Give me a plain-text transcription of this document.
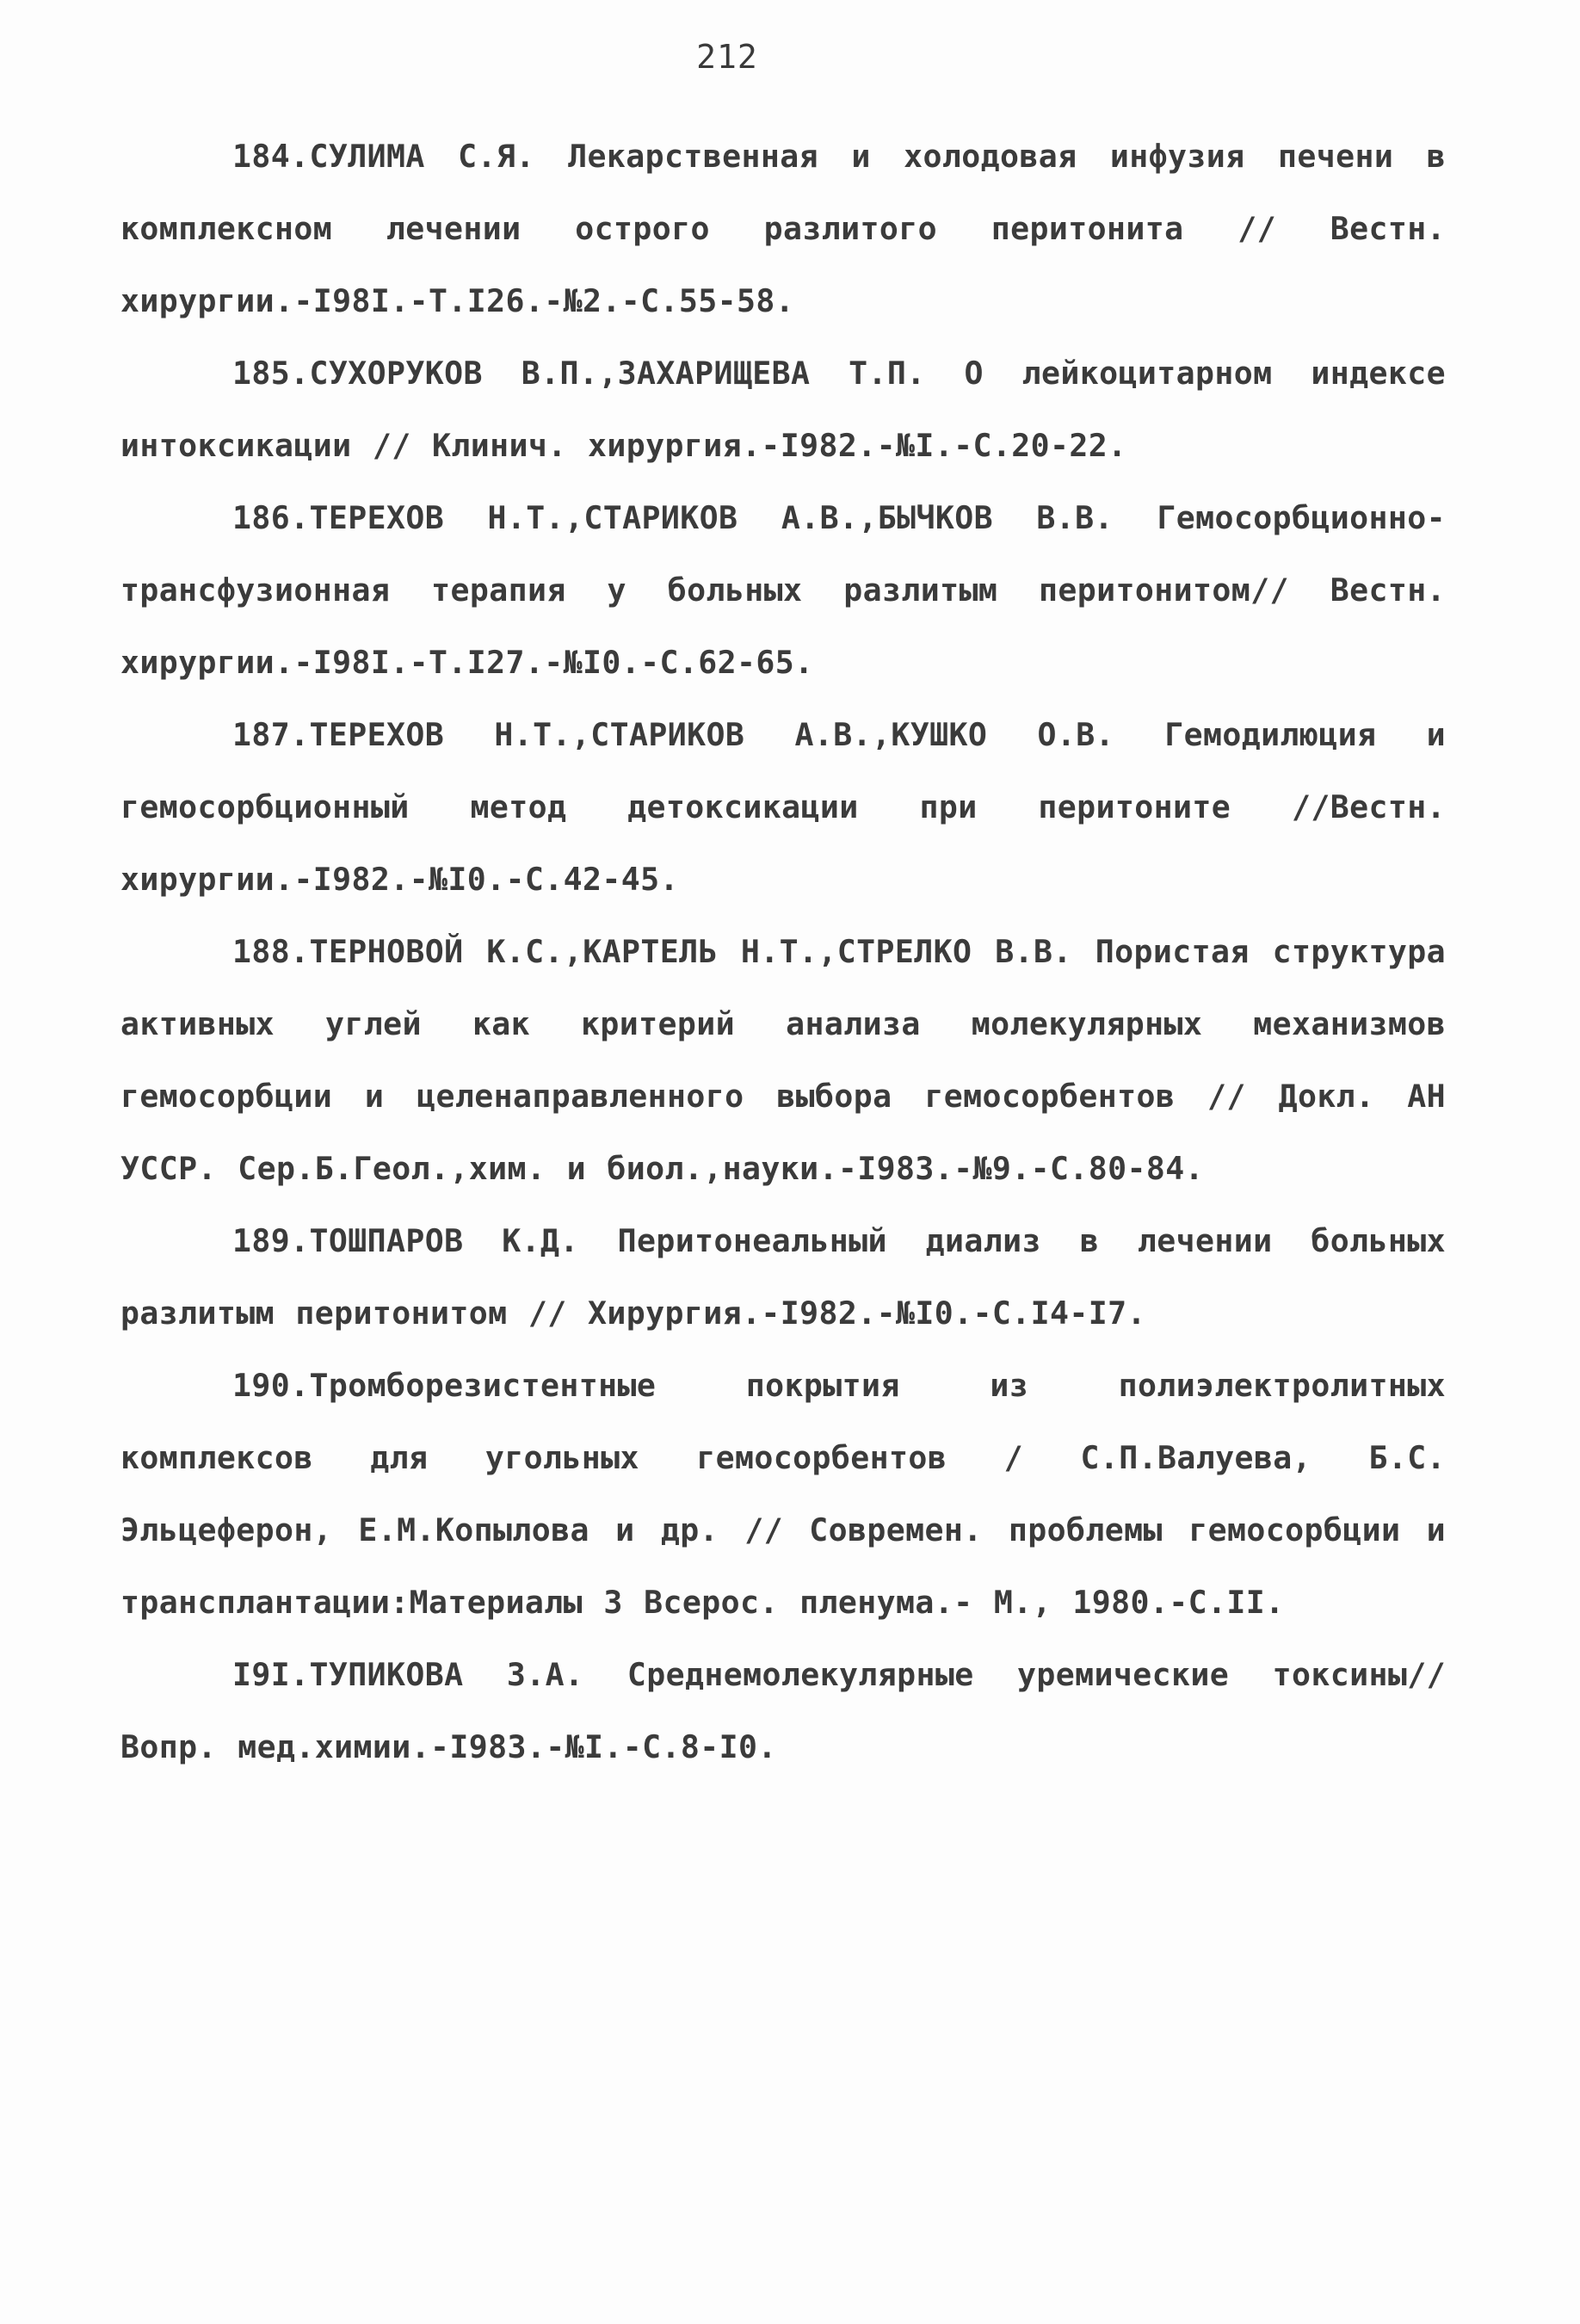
212

184.СУЛИМА С.Я. Лекарственная и холодовая инфузия печени в комплексном лечении острого разлитого перитонита // Вестн. хирургии.-I98I.-Т.I26.-№2.-С.55-58.

185.СУХОРУКОВ В.П.,ЗАХАРИЩЕВА Т.П. О лейкоцитарном индексе интоксикации // Клинич. хирургия.-I982.-№I.-С.20-22.

186.ТЕРЕХОВ Н.Т.,СТАРИКОВ А.В.,БЫЧКОВ В.В. Гемосорбционно-трансфузионная терапия у больных разлитым перитонитом// Вестн. хирургии.-I98I.-Т.I27.-№I0.-С.62-65.

187.ТЕРЕХОВ Н.Т.,СТАРИКОВ А.В.,КУШКО О.В. Гемодилюция и гемосорбционный метод детоксикации при перитоните //Вестн. хирургии.-I982.-№I0.-С.42-45.

188.ТЕРНОВОЙ К.С.,КАРТЕЛЬ Н.Т.,СТРЕЛКО В.В. Пористая структура активных углей как критерий анализа молекулярных механизмов гемосорбции и целенаправленного выбора гемосорбентов // Докл. АН УССР. Сер.Б.Геол.,хим. и биол.,науки.-I983.-№9.-С.80-84.

189.ТОШПАРОВ К.Д. Перитонеальный диализ в лечении больных разлитым перитонитом // Хирургия.-I982.-№I0.-С.I4-I7.

190.Тромборезистентные покрытия из полиэлектролитных комплексов для угольных гемосорбентов / С.П.Валуева, Б.С. Эльцеферон, Е.М.Копылова и др. // Современ. проблемы гемосорбции и трансплантации:Материалы 3 Всерос. пленума.- М., 1980.-С.II.

I9I.ТУПИКОВА З.А. Среднемолекулярные уремические токсины//Вопр. мед.химии.-I983.-№I.-С.8-I0.
